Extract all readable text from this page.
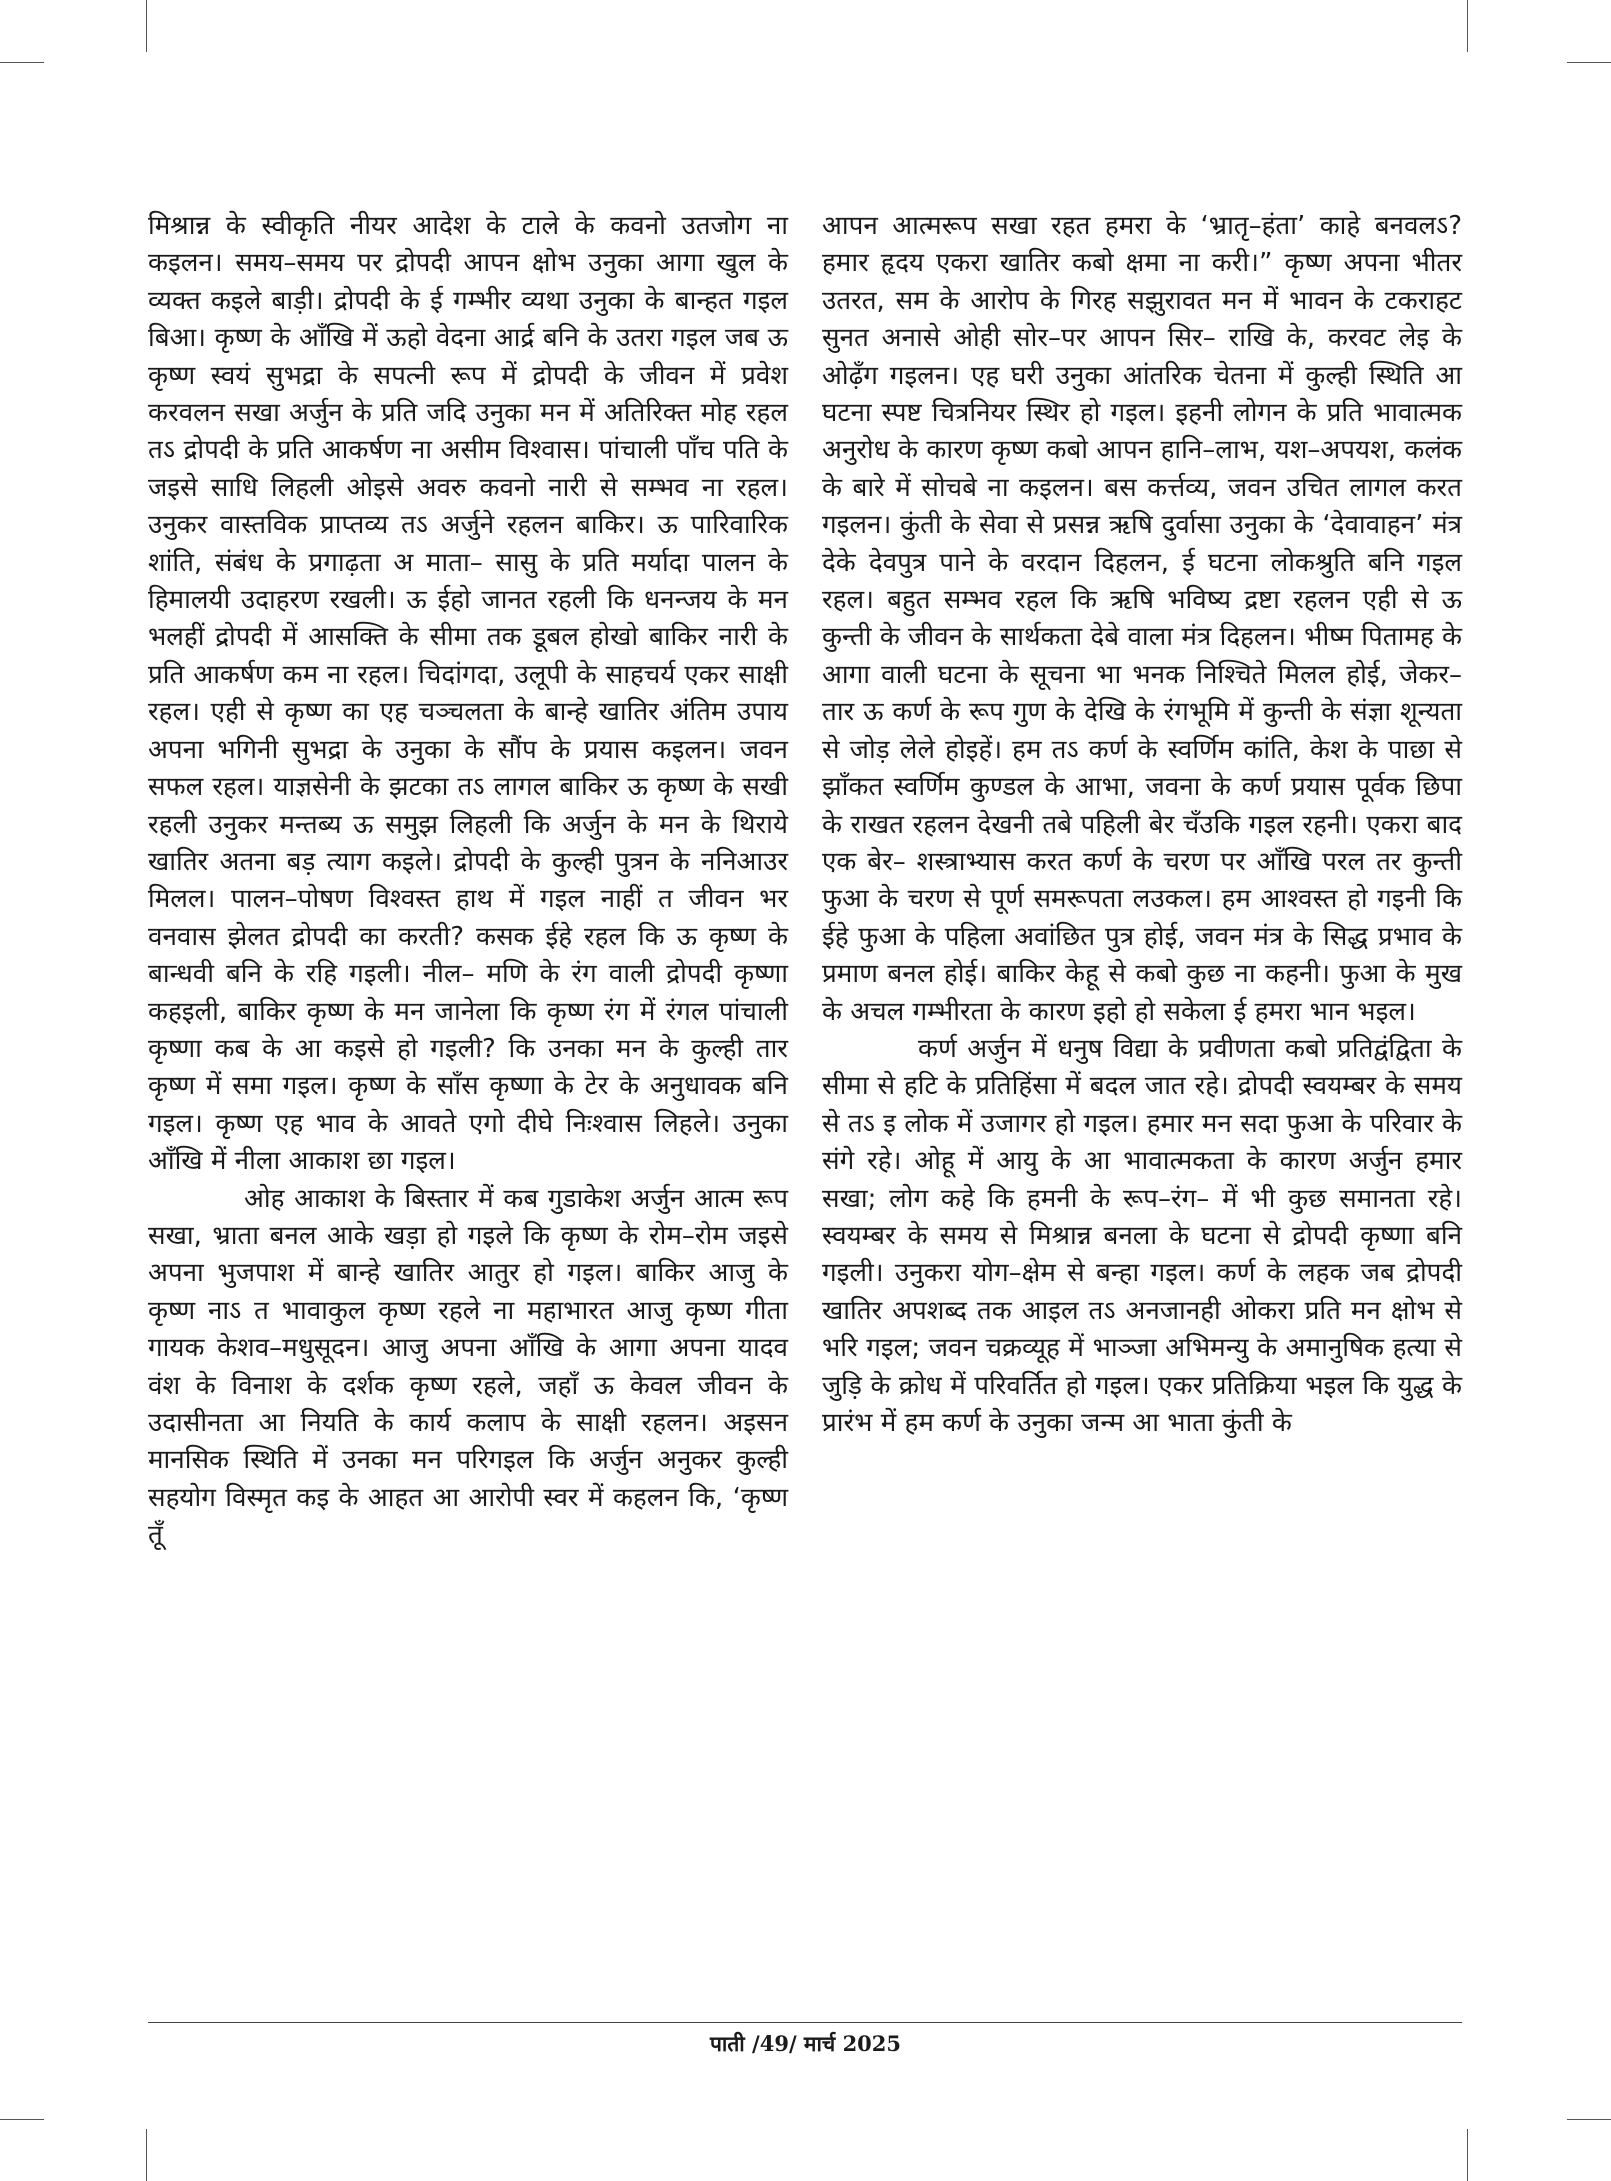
मिश्रान्न के स्वीकृति नीयर आदेश के टाले के कवनो उतजोग ना कइलन। समय–समय पर द्रोपदी आपन क्षोभ उनुका आगा खुल के व्यक्त कइले बाड़ी। द्रोपदी के ई गम्भीर व्यथा उनुका के बान्हत गइल बिआ। कृष्ण के आँखि में ऊहो वेदना आर्द्र बनि के उतरा गइल जब ऊ कृष्ण स्वयं सुभद्रा के सपत्नी रूप में द्रोपदी के जीवन में प्रवेश करवलन सखा अर्जुन के प्रति जदि उनुका मन में अतिरिक्त मोह रहल तऽ द्रोपदी के प्रति आकर्षण ना असीम विश्वास। पांचाली पाँच पति के जइसे साधि लिहली ओइसे अवरु कवनो नारी से सम्भव ना रहल। उनुकर वास्तविक प्राप्तव्य तऽ अर्जुने रहलन बाकिर। ऊ पारिवारिक शांति, संबंध के प्रगाढ़ता अ माता– सासु के प्रति मर्यादा पालन के हिमालयी उदाहरण रखली। ऊ ईहो जानत रहली कि धनन्जय के मन भलहीं द्रोपदी में आसक्ति के सीमा तक डूबल होखो बाकिर नारी के प्रति आकर्षण कम ना रहल। चिदांगदा, उलूपी के साहचर्य एकर साक्षी रहल। एही से कृष्ण का एह चञ्चलता के बान्हे खातिर अंतिम उपाय अपना भगिनी सुभद्रा के उनुका के सौंप के प्रयास कइलन। जवन सफल रहल। याज्ञसेनी के झटका तऽ लागल बाकिर ऊ कृष्ण के सखी रहली उनुकर मन्तब्य ऊ समुझ लिहली कि अर्जुन के मन के थिराये खातिर अतना बड़ त्याग कइले। द्रोपदी के कुल्ही पुत्रन के ननिआउर मिलल। पालन–पोषण विश्वस्त हाथ में गइल नाहीं त जीवन भर वनवास झेलत द्रोपदी का करती? कसक ईहे रहल कि ऊ कृष्ण के बान्धवी बनि के रहि गइली। नील– मणि के रंग वाली द्रोपदी कृष्णा कहइली, बाकिर कृष्ण के मन जानेला कि कृष्ण रंग में रंगल पांचाली कृष्णा कब के आ कइसे हो गइली? कि उनका मन के कुल्ही तार कृष्ण में समा गइल। कृष्ण के साँस कृष्णा के टेर के अनुधावक बनि गइल। कृष्ण एह भाव के आवते एगो दीघे निःश्वास लिहले। उनुका आँखि में नीला आकाश छा गइल।

ओह आकाश के बिस्तार में कब गुडाकेश अर्जुन आत्म रूप सखा, भ्राता बनल आके खड़ा हो गइले कि कृष्ण के रोम–रोम जइसे अपना भुजपाश में बान्हे खातिर आतुर हो गइल। बाकिर आजु के कृष्ण नाऽ त भावाकुल कृष्ण रहले ना महाभारत आजु कृष्ण गीता गायक केशव–मधुसूदन। आजु अपना आँखि के आगा अपना यादव वंश के विनाश के दर्शक कृष्ण रहले, जहाँ ऊ केवल जीवन के उदासीनता आ नियति के कार्य कलाप के साक्षी रहलन। अइसन मानसिक स्थिति में उनका मन परिगइल कि अर्जुन अनुकर कुल्ही सहयोग विस्मृत कइ के आहत आ आरोपी स्वर में कहलन कि, ‘कृष्ण तूँ

आपन आत्मरूप सखा रहत हमरा के ‘भ्रातृ–हंता’ काहे बनवलऽ? हमार हृदय एकरा खातिर कबो क्षमा ना करी।” कृष्ण अपना भीतर उतरत, सम के आरोप के गिरह सझुरावत मन में भावन के टकराहट सुनत अनासे ओही सोर–पर आपन सिर– राखि के, करवट लेइ के ओढ़ँग गइलन। एह घरी उनुका आंतरिक चेतना में कुल्ही स्थिति आ घटना स्पष्ट चित्रनियर स्थिर हो गइल। इहनी लोगन के प्रति भावात्मक अनुरोध के कारण कृष्ण कबो आपन हानि–लाभ, यश–अपयश, कलंक के बारे में सोचबे ना कइलन। बस कर्त्तव्य, जवन उचित लागल करत गइलन। कुंती के सेवा से प्रसन्न ऋषि दुर्वासा उनुका के ‘देवावाहन’ मंत्र देके देवपुत्र पाने के वरदान दिहलन, ई घटना लोकश्रुति बनि गइल रहल। बहुत सम्भव रहल कि ऋषि भविष्य द्रष्टा रहलन एही से ऊ कुन्ती के जीवन के सार्थकता देबे वाला मंत्र दिहलन। भीष्म पितामह के आगा वाली घटना के सूचना भा भनक निश्चिते मिलल होई, जेकर–तार ऊ कर्ण के रूप गुण के देखि के रंगभूमि में कुन्ती के संज्ञा शून्यता से जोड़ लेले होइहें। हम तऽ कर्ण के स्वर्णिम कांति, केश के पाछा से झाँकत स्वर्णिम कुण्डल के आभा, जवना के कर्ण प्रयास पूर्वक छिपा के राखत रहलन देखनी तबे पहिली बेर चँउकि गइल रहनी। एकरा बाद एक बेर– शस्त्राभ्यास करत कर्ण के चरण पर आँखि परल तर कुन्ती फुआ के चरण से पूर्ण समरूपता लउकल। हम आश्वस्त हो गइनी कि ईहे फुआ के पहिला अवांछित पुत्र होई, जवन मंत्र के सिद्ध प्रभाव के प्रमाण बनल होई। बाकिर केहू से कबो कुछ ना कहनी। फुआ के मुख के अचल गम्भीरता के कारण इहो हो सकेला ई हमरा भान भइल।

कर्ण अर्जुन में धनुष विद्या के प्रवीणता कबो प्रतिद्वंद्विता के सीमा से हटि के प्रतिहिंसा में बदल जात रहे। द्रोपदी स्वयम्बर के समय से तऽ इ लोक में उजागर हो गइल। हमार मन सदा फुआ के परिवार के संगे रहे। ओहू में आयु के आ भावात्मकता के कारण अर्जुन हमार सखा; लोग कहे कि हमनी के रूप–रंग– में भी कुछ समानता रहे। स्वयम्बर के समय से मिश्रान्न बनला के घटना से द्रोपदी कृष्णा बनि गइली। उनुकरा योग–क्षेम से बन्हा गइल। कर्ण के लहक जब द्रोपदी खातिर अपशब्द तक आइल तऽ अनजानही ओकरा प्रति मन क्षोभ से भरि गइल; जवन चक्रव्यूह में भाञ्जा अभिमन्यु के अमानुषिक हत्या से जुड़ि के क्रोध में परिवर्तित हो गइल। एकर प्रतिक्रिया भइल कि युद्ध के प्रारंभ में हम कर्ण के उनुका जन्म आ भाता कुंती के

पाती /49/ मार्च 2025
